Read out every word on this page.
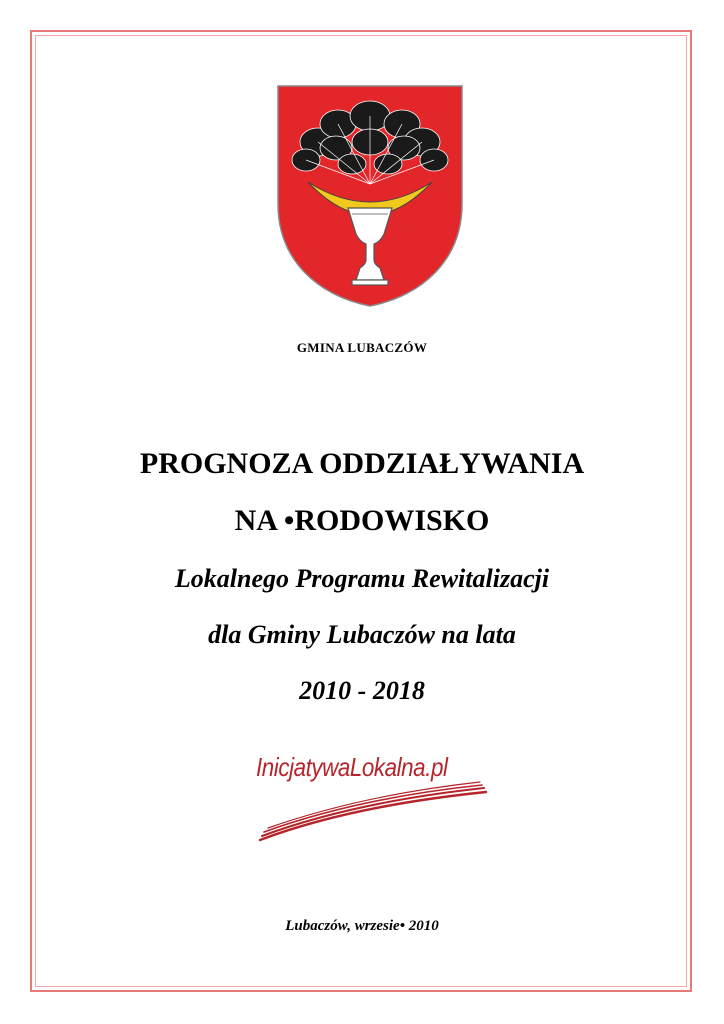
GMINA LUBACZÓW
PROGNOZA ODDZIAŁYWANIA
NA •RODOWISKO
Lokalnego Programu Rewitalizacji
dla Gminy Lubaczów na lata
2010 - 2018
InicjatywaLokalna.pl
Lubaczów, wrzesie• 2010
